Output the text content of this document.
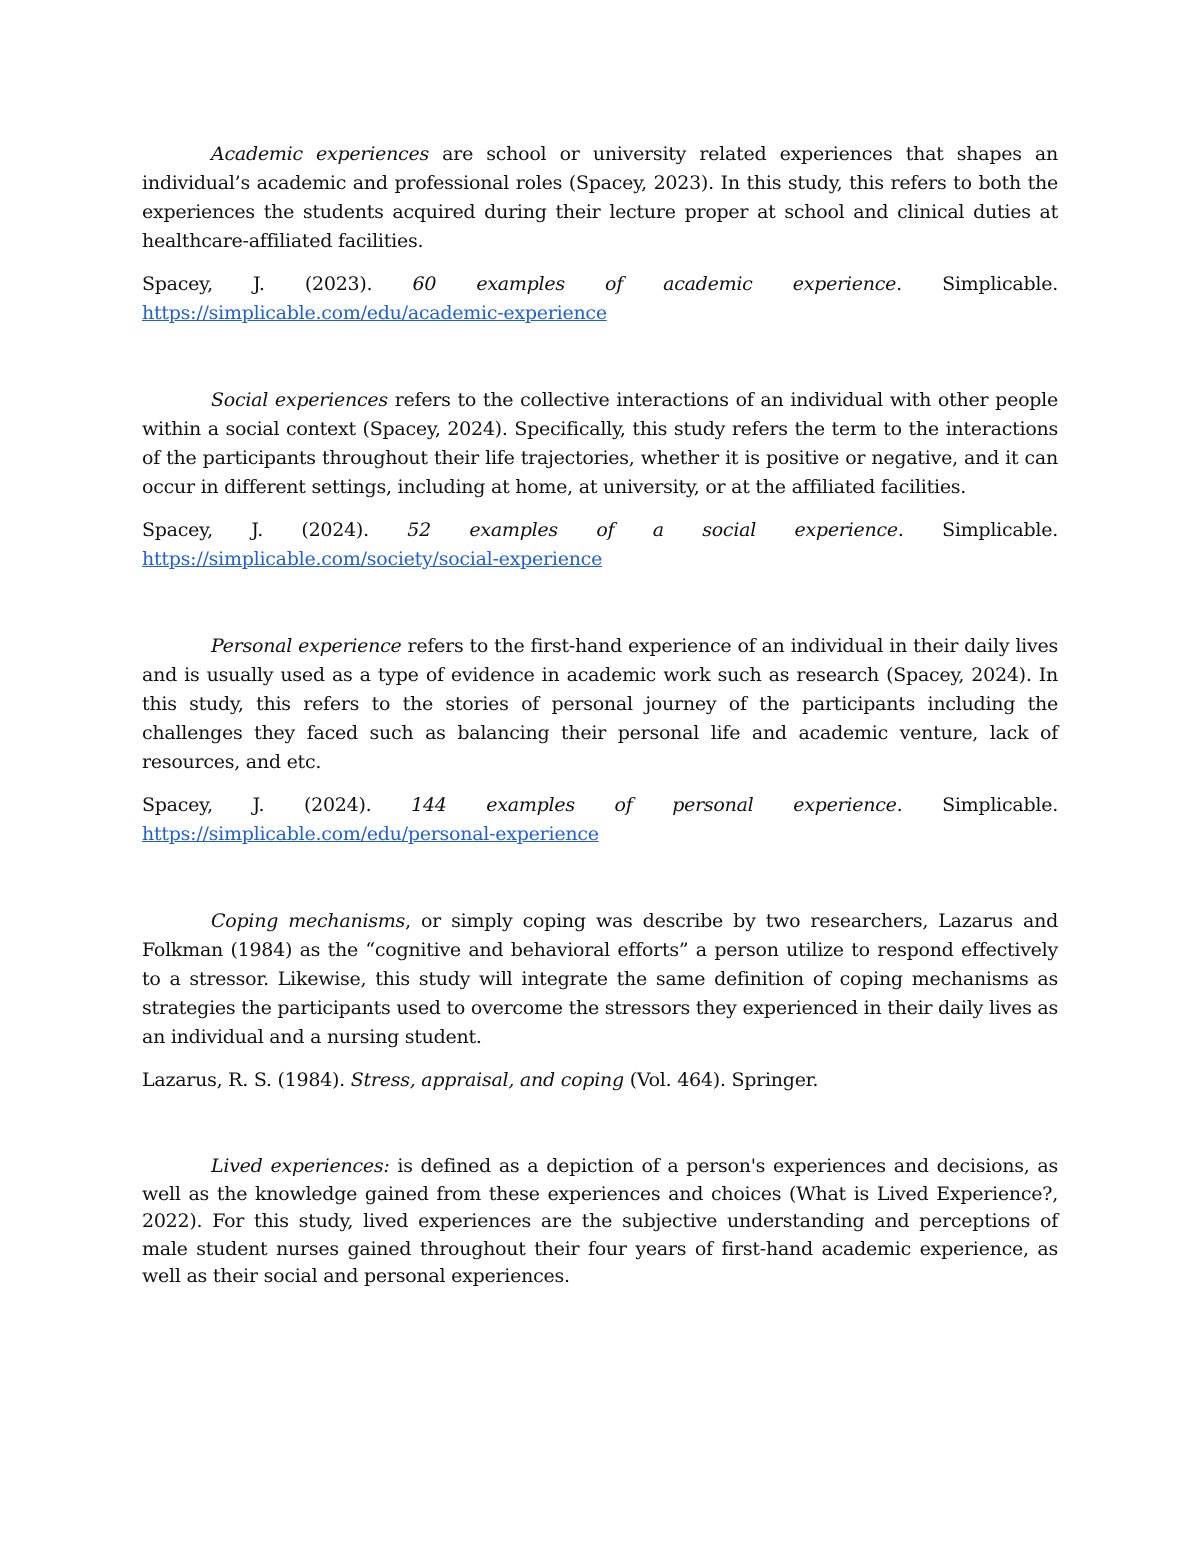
Academic experiences are school or university related experiences that shapes an individual’s academic and professional roles (Spacey, 2023). In this study, this refers to both the experiences the students acquired during their lecture proper at school and clinical duties at healthcare-affiliated facilities.

Spacey, J. (2023). 60 examples of academic experience. Simplicable. https://simplicable.com/edu/academic-experience

Social experiences refers to the collective interactions of an individual with other people within a social context (Spacey, 2024). Specifically, this study refers the term to the interactions of the participants throughout their life trajectories, whether it is positive or negative, and it can occur in different settings, including at home, at university, or at the affiliated facilities.

Spacey, J. (2024). 52 examples of a social experience. Simplicable. https://simplicable.com/society/social-experience

Personal experience refers to the first-hand experience of an individual in their daily lives and is usually used as a type of evidence in academic work such as research (Spacey, 2024). In this study, this refers to the stories of personal journey of the participants including the challenges they faced such as balancing their personal life and academic venture, lack of resources, and etc.

Spacey, J. (2024). 144 examples of personal experience. Simplicable. https://simplicable.com/edu/personal-experience

Coping mechanisms, or simply coping was describe by two researchers, Lazarus and Folkman (1984) as the “cognitive and behavioral efforts” a person utilize to respond effectively to a stressor. Likewise, this study will integrate the same definition of coping mechanisms as strategies the participants used to overcome the stressors they experienced in their daily lives as an individual and a nursing student.

Lazarus, R. S. (1984). Stress, appraisal, and coping (Vol. 464). Springer.

Lived experiences: is defined as a depiction of a person's experiences and decisions, as well as the knowledge gained from these experiences and choices (What is Lived Experience?, 2022). For this study, lived experiences are the subjective understanding and perceptions of male student nurses gained throughout their four years of first-hand academic experience, as well as their social and personal experiences.
